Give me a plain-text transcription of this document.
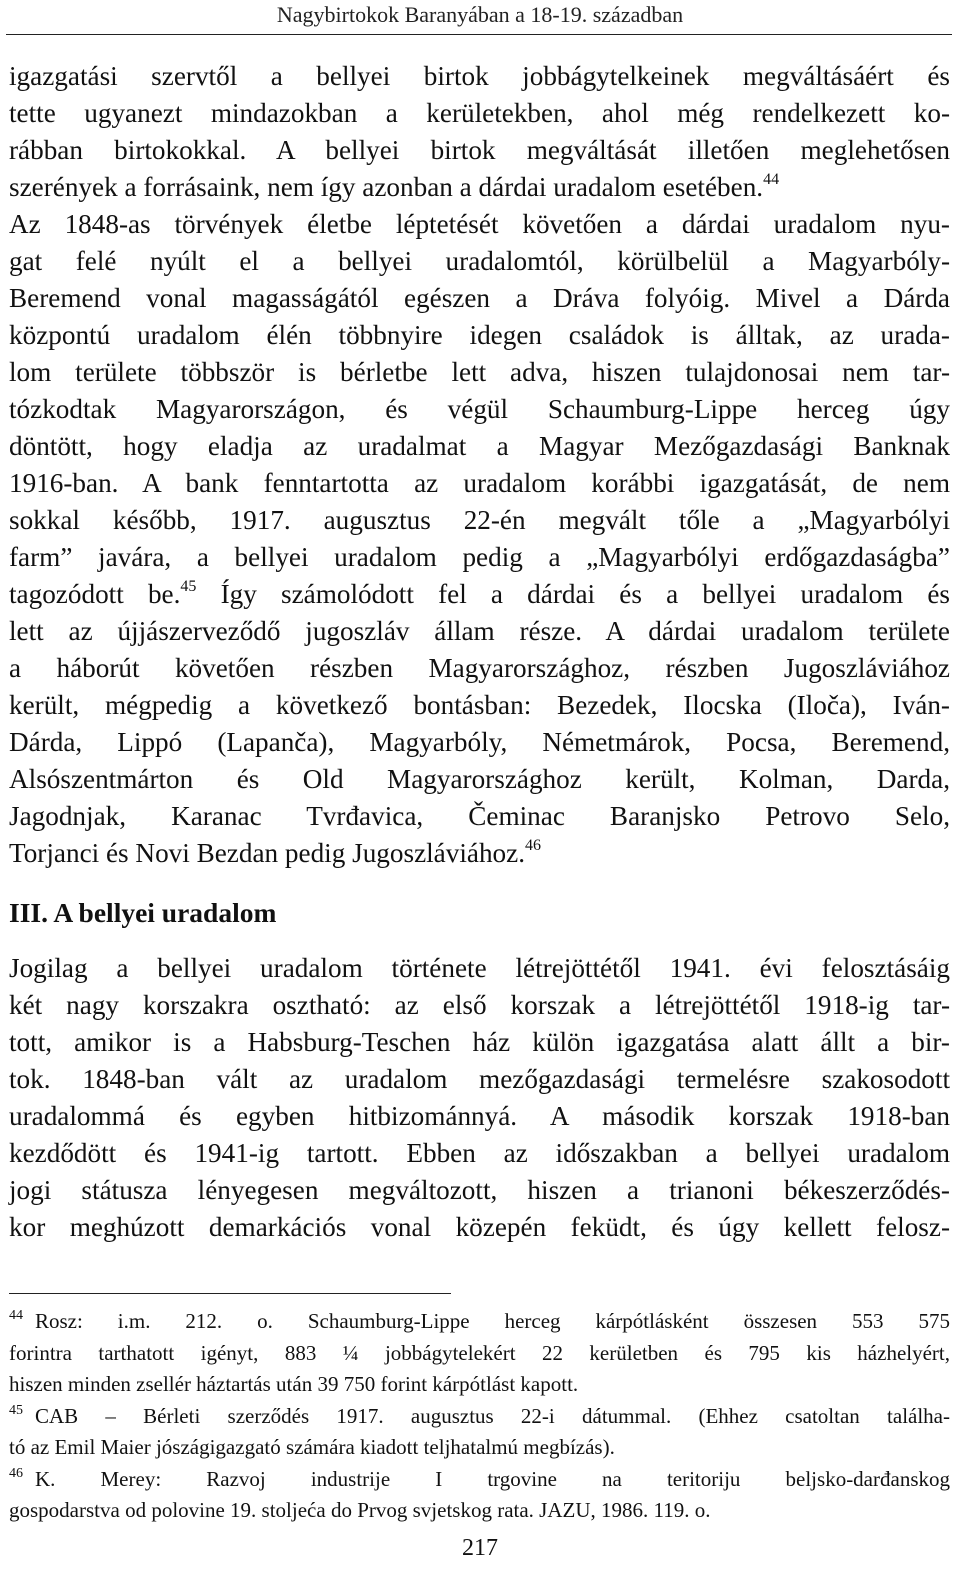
Nagybirtokok Baranyában a 18-19. században
igazgatási szervtől a bellyei birtok jobbágytelkeinek megváltásáért és
tette ugyanezt mindazokban a kerületekben, ahol még rendelkezett ko-
rábban birtokokkal. A bellyei birtok megváltását illetően meglehetősen
szerények a forrásaink, nem így azonban a dárdai uradalom esetében.$^{44}$
Az 1848-as törvények életbe léptetését követően a dárdai uradalom nyu-
gat felé nyúlt el a bellyei uradalomtól, körülbelül a Magyarbóly-
Beremend vonal magasságától egészen a Dráva folyóig. Mivel a Dárda
központú uradalom élén többnyire idegen családok is álltak, az urada-
lom területe többször is bérletbe lett adva, hiszen tulajdonosai nem tar-
tózkodtak Magyarországon, és végül Schaumburg-Lippe herceg úgy
döntött, hogy eladja az uradalmat a Magyar Mezőgazdasági Banknak
1916-ban. A bank fenntartotta az uradalom korábbi igazgatását, de nem
sokkal később, 1917. augusztus 22-én megvált tőle a „Magyarbólyi
farm” javára, a bellyei uradalom pedig a „Magyarbólyi erdőgazdaságba”
tagozódott be.$^{45}$ Így számolódott fel a dárdai és a bellyei uradalom és
lett az újjászerveződő jugoszláv állam része. A dárdai uradalom területe
a háborút követően részben Magyarországhoz, részben Jugoszláviához
került, mégpedig a következő bontásban: Bezedek, Ilocska (Iloča), Iván-
Dárda, Lippó (Lapanča), Magyarbóly, Németmárok, Pocsa, Beremend,
Alsószentmárton és Old Magyarországhoz került, Kolman, Darda,
Jagodnjak, Karanac Tvrđavica, Čeminac Baranjsko Petrovo Selo,
Torjanci és Novi Bezdan pedig Jugoszláviához.$^{46}$
III. A bellyei uradalom
Jogilag a bellyei uradalom története létrejöttétől 1941. évi felosztásáig
két nagy korszakra osztható: az első korszak a létrejöttétől 1918-ig tar-
tott, amikor is a Habsburg-Teschen ház külön igazgatása alatt állt a bir-
tok. 1848-ban vált az uradalom mezőgazdasági termelésre szakosodott
uradalommá és egyben hitbizománnyá. A második korszak 1918-ban
kezdődött és 1941-ig tartott. Ebben az időszakban a bellyei uradalom
jogi státusza lényegesen megváltozott, hiszen a trianoni békeszerződés-
kor meghúzott demarkációs vonal közepén feküdt, és úgy kellett felosz-

$^{44}$ Rosz: i.m. 212. o. Schaumburg-Lippe herceg kárpótlásként összesen 553 575
forintra tarthatott igényt, 883 ¼ jobbágytelekért 22 kerületben és 795 kis házhelyért,
hiszen minden zsellér háztartás után 39 750 forint kárpótlást kapott.

$^{45}$ CAB – Bérleti szerződés 1917. augusztus 22-i dátummal. (Ehhez csatoltan találha-
tó az Emil Maier jószágigazgató számára kiadott teljhatalmú megbízás).

$^{46}$ K. Merey: Razvoj industrije I trgovine na teritoriju beljsko-darđanskog
gospodarstva od polovine 19. stoljeća do Prvog svjetskog rata. JAZU, 1986. 119. o.

217
